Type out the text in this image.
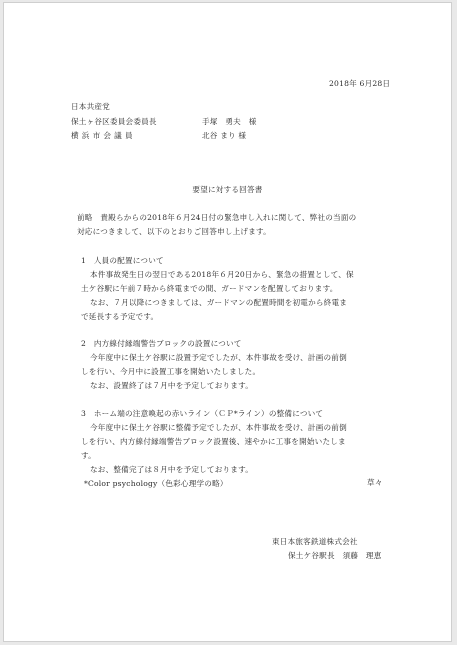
2018年 6月28日
日本共産党
保土ヶ谷区委員会委員長	手塚　勇夫　様
横浜市会議員	北谷 まり 様
要望に対する回答書
前略　貴殿らからの2018年６月24日付の緊急申し入れに関して、弊社の当面の
対応につきまして、以下のとおりご回答申し上げます。
1　人員の配置について
本件事故発生日の翌日である2018年６月20日から、緊急の措置として、保
土ケ谷駅に午前７時から終電までの間、ガードマンを配置しております。
なお、７月以降につきましては、ガードマンの配置時間を初電から終電ま
で延長する予定です。
2　内方線付縁端警告ブロックの設置について
今年度中に保土ケ谷駅に設置予定でしたが、本件事故を受け、計画の前倒
しを行い、今月中に設置工事を開始いたしました。
なお、設置終了は７月中を予定しております。
3　ホーム端の注意喚起の赤いライン（ＣＰ*ライン）の整備について
今年度中に保土ケ谷駅に整備予定でしたが、本件事故を受け、計画の前倒
しを行い、内方線付縁端警告ブロック設置後、速やかに工事を開始いたしま
す。
なお、整備完了は８月中を予定しております。
*Color psychology（色彩心理学の略）	草々
東日本旅客鉄道株式会社
保土ケ谷駅長　須藤　理恵
